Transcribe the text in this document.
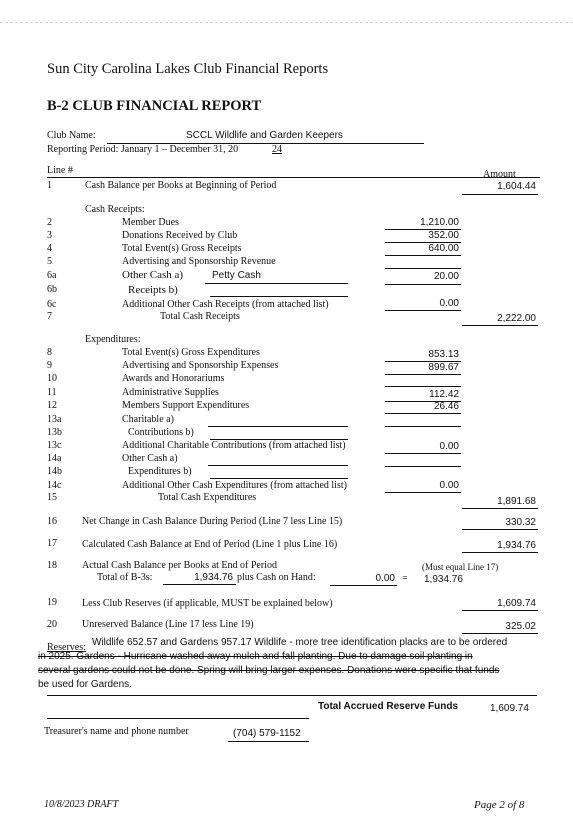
Sun City Carolina Lakes Club Financial Reports
B-2 CLUB FINANCIAL REPORT
Club Name:	SCCL Wildlife and Garden Keepers
Reporting Period: January 1 – December 31, 20	24
Line #	Amount
1	Cash Balance per Books at Beginning of Period	1,604.44
Cash Receipts:
2	Member Dues	1,210.00
3	Donations Received by Club	352.00
4	Total Event(s) Gross Receipts	640.00
5	Advertising and Sponsorship Revenue
6a	Other Cash a)	Petty Cash	20.00
6b	Receipts b)
6c	Additional Other Cash Receipts (from attached list)	0.00
7	Total Cash Receipts	2,222.00
Expenditures:
8	Total Event(s) Gross Expenditures	853.13
9	Advertising and Sponsorship Expenses	899.67
10	Awards and Honorariums
11	Administrative Supplies	112.42
12	Members Support Expenditures	26.46
13a	Charitable a)
13b	Contributions b)
13c	Additional Charitable Contributions (from attached list)	0.00
14a	Other Cash a)
14b	Expenditures b)
14c	Additional Other Cash Expenditures (from attached list)	0.00
15	Total Cash Expenditures	1,891.68
16	Net Change in Cash Balance During Period (Line 7 less Line 15)	330.32
17	Calculated Cash Balance at End of Period (Line 1 plus Line 16)	1,934.76
18	Actual Cash Balance per Books at End of Period	(Must equal Line 17)
Total of B-3s:	1,934.76 plus Cash on Hand:	0.00 = 1,934.76
19	Less Club Reserves (if applicable, MUST be explained below)	1,609.74
20	Unreserved Balance (Line 17 less Line 19)	325.02
Reserves: Wildlife 652.57 and Gardens 957.17 Wildlife - more tree identification placks are to be ordered
in 2025. Gardens - Hurricane washed away mulch and fall planting. Due to damage soil planting in
several gardens could not be done. Spring will bring larger expenses. Donations were specific that funds
be used for Gardens.
Total Accrued Reserve Funds	1,609.74
Treasurer's name and phone number	(704) 579-1152
10/8/2023 DRAFT	Page 2 of 8
